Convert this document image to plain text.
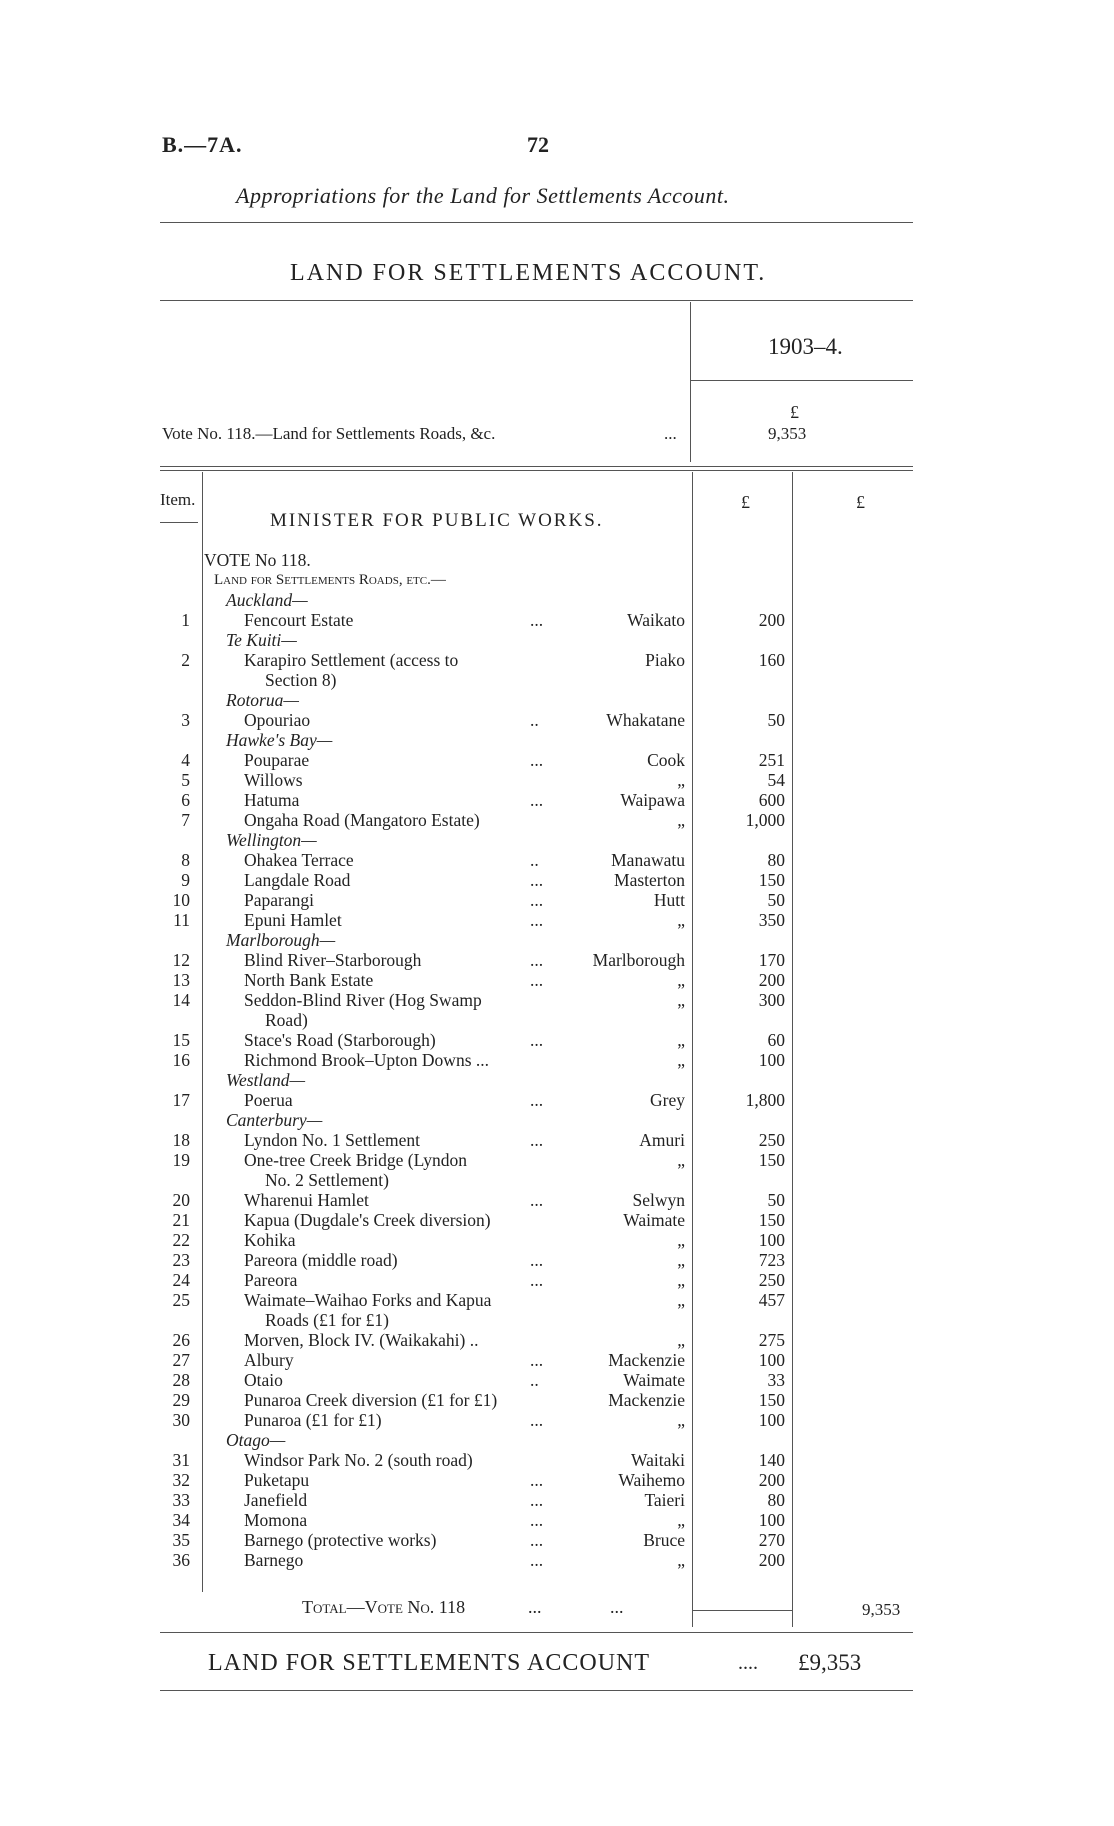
B.—7A.	72
Appropriations for the Land for Settlements Account.
LAND FOR SETTLEMENTS ACCOUNT.
1903–4.
£
Vote No. 118.—Land for Settlements Roads, &c.	...	9,353
Item.
MINISTER FOR PUBLIC WORKS.
£	£
VOTE No 118.
Land for Settlements Roads, etc.—
Auckland—
1	Fencourt Estate	...	Waikato	200
Te Kuiti—
2	Karapiro Settlement (access to	Piako	160
Section 8)
Rotorua—
3	Opouriao	..	Whakatane	50
Hawke's Bay—
4	Pouparae	...	Cook	251
5	Willows	„	54
6	Hatuma	...	Waipawa	600
7	Ongaha Road (Mangatoro Estate)	„	1,000
Wellington—
8	Ohakea Terrace	..	Manawatu	80
9	Langdale Road	...	Masterton	150
10	Paparangi	...	Hutt	50
11	Epuni Hamlet	...	„	350
Marlborough—
12	Blind River–Starborough	...	Marlborough	170
13	North Bank Estate	...	„	200
14	Seddon-Blind River (Hog Swamp	„	300
Road)
15	Stace's Road (Starborough)	...	„	60
16	Richmond Brook–Upton Downs ...	„	100
Westland—
17	Poerua	...	Grey	1,800
Canterbury—
18	Lyndon No. 1 Settlement	...	Amuri	250
19	One-tree Creek Bridge (Lyndon	„	150
No. 2 Settlement)
20	Wharenui Hamlet	...	Selwyn	50
21	Kapua (Dugdale's Creek diversion)	Waimate	150
22	Kohika	„	100
23	Pareora (middle road)	...	„	723
24	Pareora	...	„	250
25	Waimate–Waihao Forks and Kapua	„	457
Roads (£1 for £1)
26	Morven, Block IV. (Waikakahi) ..	„	275
27	Albury	...	Mackenzie	100
28	Otaio	..	Waimate	33
29	Punaroa Creek diversion (£1 for £1)	Mackenzie	150
30	Punaroa (£1 for £1)	...	„	100
Otago—
31	Windsor Park No. 2 (south road)	Waitaki	140
32	Puketapu	...	Waihemo	200
33	Janefield	...	Taieri	80
34	Momona	...	„	100
35	Barnego (protective works)	...	Bruce	270
36	Barnego	...	„	200
Total—Vote No. 118	...	...	9,353
LAND FOR SETTLEMENTS ACCOUNT	.... £9,353
